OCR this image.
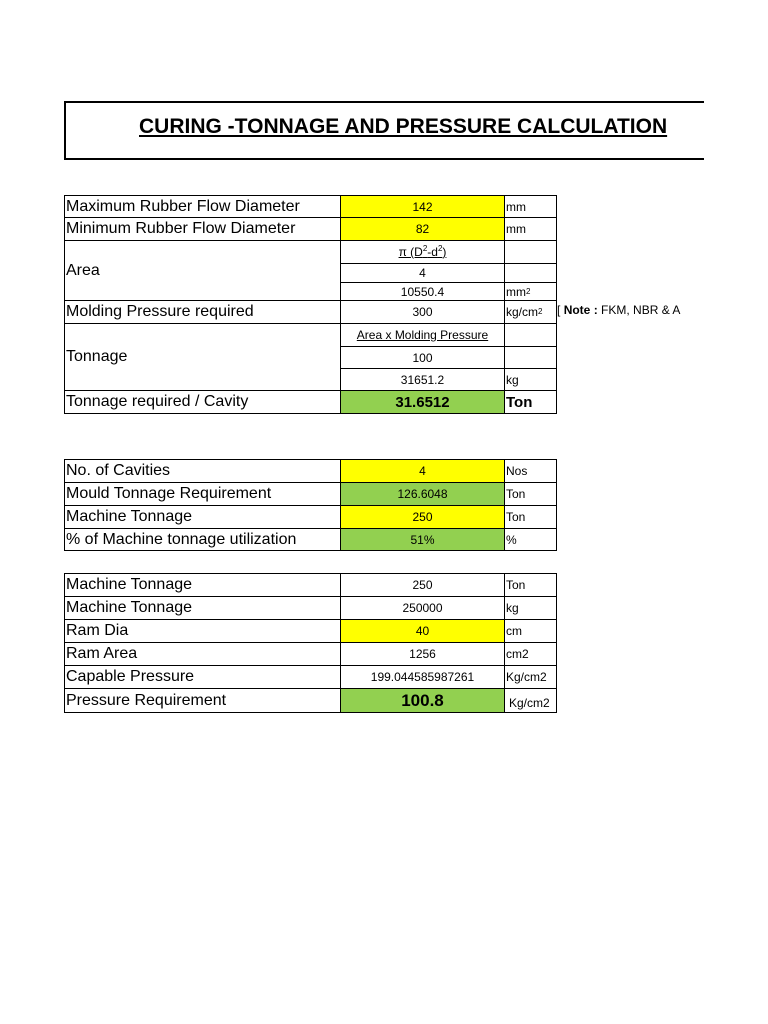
CURING -TONNAGE AND PRESSURE CALCULATION
Maximum Rubber Flow Diameter	142	mm
Minimum Rubber Flow Diameter	82	mm
Area
π $(D^2-d^2)$
4
10550.4	mm 2
Molding Pressure required	300	kg/cm 2 [ Note : FKM, NBR & A
Tonnage
Area x Molding Pressure
100
31651.2	kg
Tonnage required / Cavity	31.6512	Ton
No. of Cavities	4	Nos
Mould Tonnage Requirement	126.6048	Ton
Machine Tonnage	250	Ton
% of Machine tonnage utilization	51%	%
Machine Tonnage	250	Ton
Machine Tonnage	250000	kg
Ram Dia	40	cm
Ram Area	1256	cm2
Capable Pressure	199.044585987261	Kg/cm2
Pressure Requirement	100.8	Kg/cm2
